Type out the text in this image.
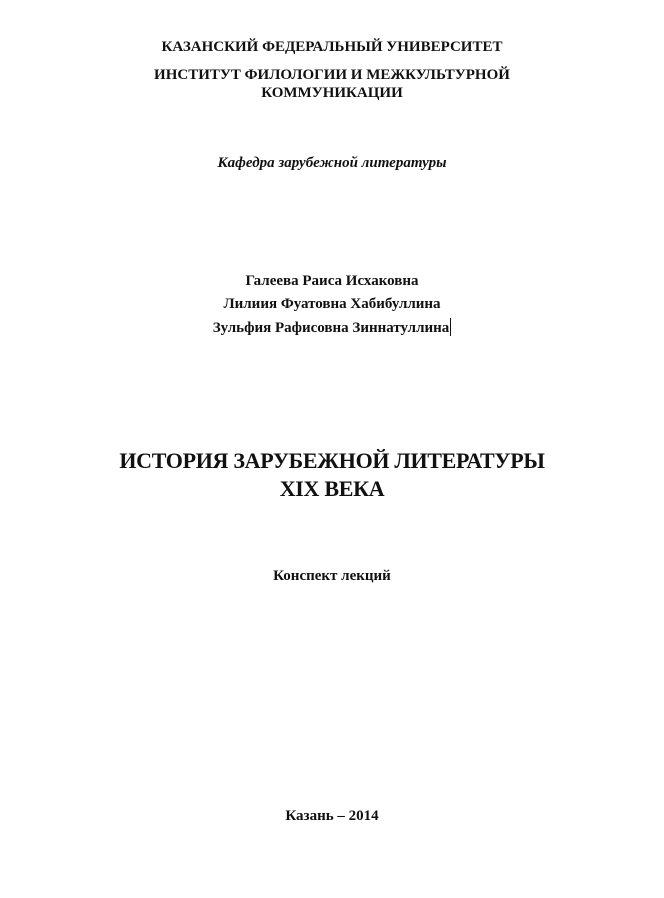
КАЗАНСКИЙ ФЕДЕРАЛЬНЫЙ УНИВЕРСИТЕТ
ИНСТИТУТ ФИЛОЛОГИИ И МЕЖКУЛЬТУРНОЙ
КОММУНИКАЦИИ
Кафедра зарубежной литературы
Галеева Раиса Исхаковна
Лилиия Фуатовна Хабибуллина
Зульфия Рафисовна Зиннатуллина
ИСТОРИЯ ЗАРУБЕЖНОЙ ЛИТЕРАТУРЫ
XIX ВЕКА
Конспект лекций
Казань – 2014
